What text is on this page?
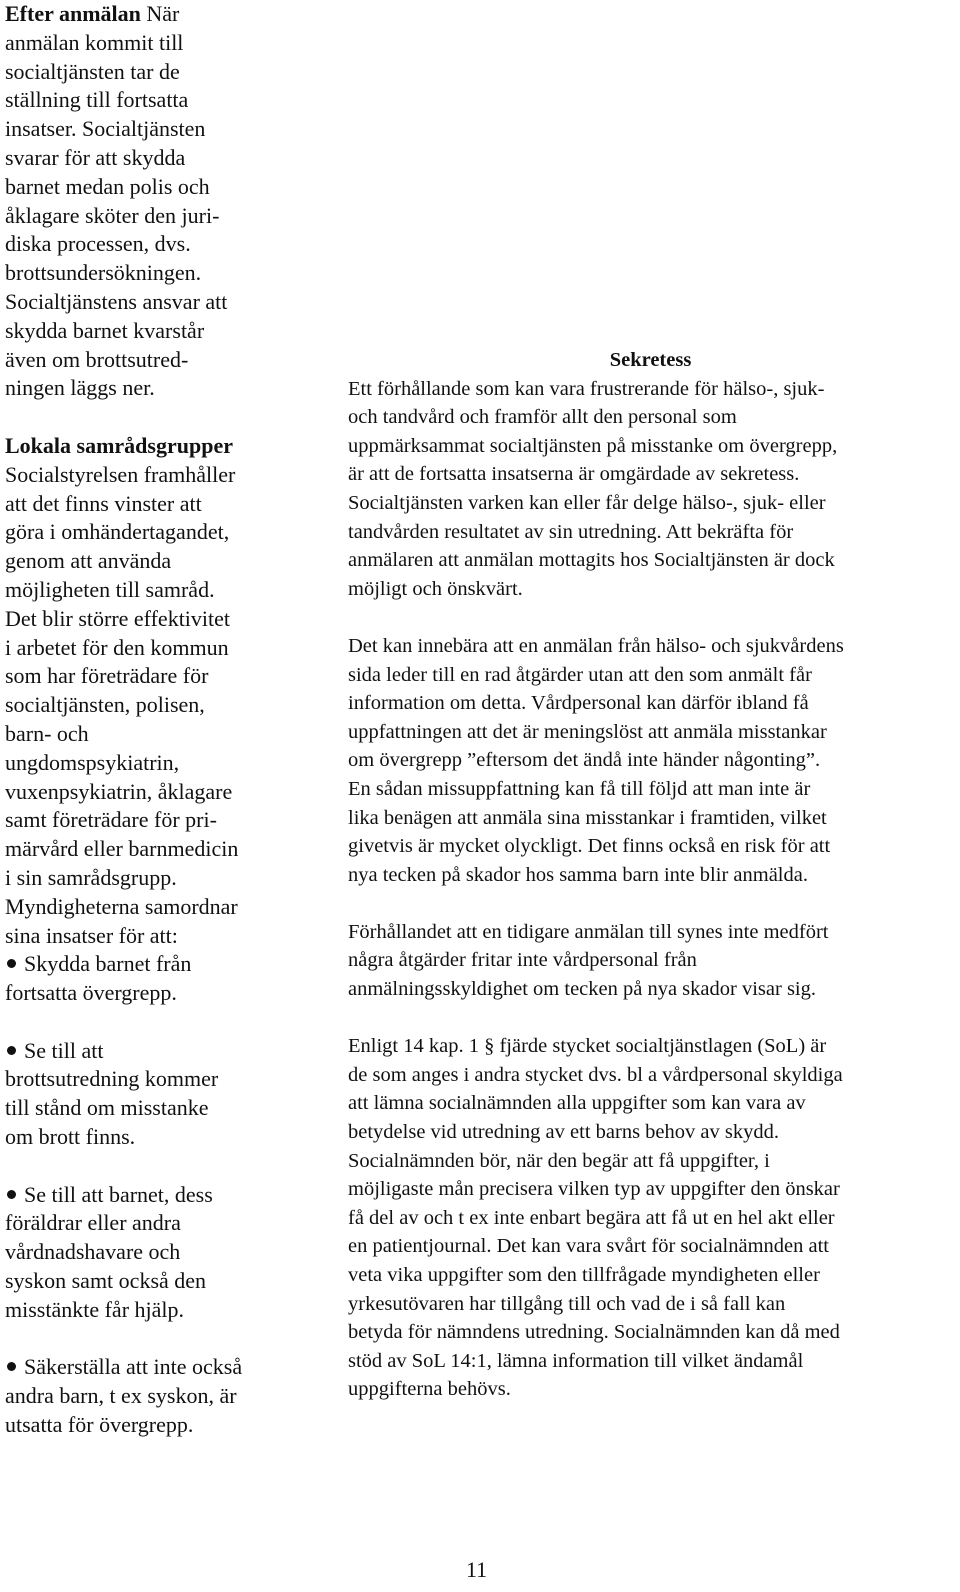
Efter anmälan När
anmälan kommit till
socialtjänsten tar de
ställning till fortsatta
insatser. Socialtjänsten
svarar för att skydda
barnet medan polis och
åklagare sköter den juri-
diska processen, dvs.
brottsundersökningen.
Socialtjänstens ansvar att
skydda barnet kvarstår
även om brottsutred-
ningen läggs ner.
Lokala samrådsgrupper
Socialstyrelsen framhåller
att det finns vinster att
göra i omhändertagandet,
genom att använda
möjligheten till samråd.
Det blir större effektivitet
i arbetet för den kommun
som har företrädare för
socialtjänsten, polisen,
barn- och
ungdomspsykiatrin,
vuxenpsykiatrin, åklagare
samt företrädare för pri-
märvård eller barnmedicin
i sin samrådsgrupp.
Myndigheterna samordnar
sina insatser för att:
Skydda barnet från
fortsatta övergrepp.
Se till att
brottsutredning kommer
till stånd om misstanke
om brott finns.
Se till att barnet, dess
föräldrar eller andra
vårdnadshavare och
syskon samt också den
misstänkte får hjälp.
Säkerställa att inte också
andra barn, t ex syskon, är
utsatta för övergrepp.
Sekretess
Ett förhållande som kan vara frustrerande för hälso-, sjuk-
och tandvård och framför allt den personal som
uppmärksammat socialtjänsten på misstanke om övergrepp,
är att de fortsatta insatserna är omgärdade av sekretess.
Socialtjänsten varken kan eller får delge hälso-, sjuk- eller
tandvården resultatet av sin utredning. Att bekräfta för
anmälaren att anmälan mottagits hos Socialtjänsten är dock
möjligt och önskvärt.
Det kan innebära att en anmälan från hälso- och sjukvårdens
sida leder till en rad åtgärder utan att den som anmält får
information om detta. Vårdpersonal kan därför ibland få
uppfattningen att det är meningslöst att anmäla misstankar
om övergrepp ”eftersom det ändå inte händer någonting”.
En sådan missuppfattning kan få till följd att man inte är
lika benägen att anmäla sina misstankar i framtiden, vilket
givetvis är mycket olyckligt. Det finns också en risk för att
nya tecken på skador hos samma barn inte blir anmälda.
Förhållandet att en tidigare anmälan till synes inte medfört
några åtgärder fritar inte vårdpersonal från
anmälningsskyldighet om tecken på nya skador visar sig.
Enligt 14 kap. 1 § fjärde stycket socialtjänstlagen (SoL) är
de som anges i andra stycket dvs. bl a vårdpersonal skyldiga
att lämna socialnämnden alla uppgifter som kan vara av
betydelse vid utredning av ett barns behov av skydd.
Socialnämnden bör, när den begär att få uppgifter, i
möjligaste mån precisera vilken typ av uppgifter den önskar
få del av och t ex inte enbart begära att få ut en hel akt eller
en patientjournal. Det kan vara svårt för socialnämnden att
veta vika uppgifter som den tillfrågade myndigheten eller
yrkesutövaren har tillgång till och vad de i så fall kan
betyda för nämndens utredning. Socialnämnden kan då med
stöd av SoL 14:1, lämna information till vilket ändamål
uppgifterna behövs.
11
